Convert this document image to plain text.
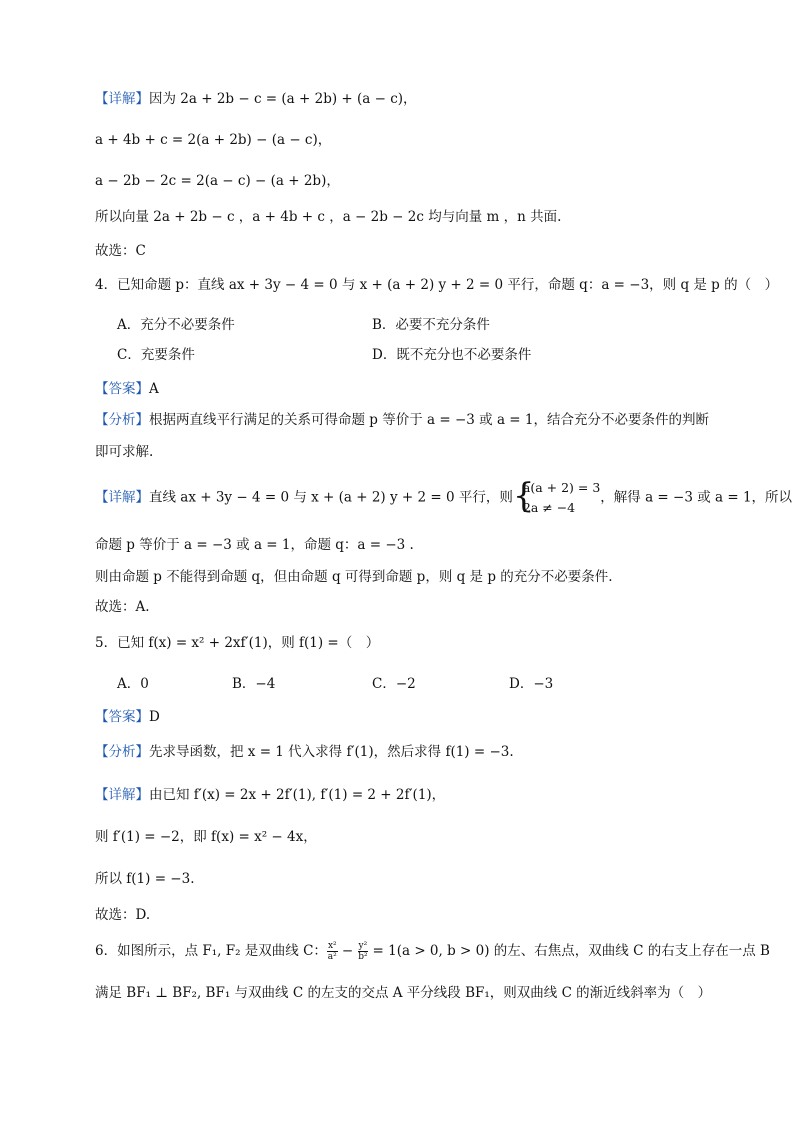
【详解】因为 2a + 2b − c = (a + 2b) + (a − c)，
a + 4b + c = 2(a + 2b) − (a − c)，
a − 2b − 2c = 2(a − c) − (a + 2b)，
所以向量 2a + 2b − c ，a + 4b + c ，a − 2b − 2c 均与向量 m ，n 共面.
故选：C
4．已知命题 p：直线 ax + 3y − 4 = 0 与 x + (a + 2) y + 2 = 0 平行，命题 q：a = −3，则 q 是 p 的（　）
A．充分不必要条件	B．必要不充分条件
C．充要条件	D．既不充分也不必要条件
【答案】A
【分析】根据两直线平行满足的关系可得命题 p 等价于 a = −3 或 a = 1，结合充分不必要条件的判断
即可求解.
【详解】直线 ax + 3y − 4 = 0 与 x + (a + 2) y + 2 = 0 平行，则 {
a(a + 2) = 3
2a ≠ −4
，解得 a = −3 或 a = 1，所以
命题 p 等价于 a = −3 或 a = 1，命题 q：a = −3 .
则由命题 p 不能得到命题 q，但由命题 q 可得到命题 p，则 q 是 p 的充分不必要条件.
故选：A.
5．已知 f(x) = x² + 2xf′(1)，则 f(1) =（　）
A．0	B．−4	C．−2	D．−3
【答案】D
【分析】先求导函数，把 x = 1 代入求得 f′(1)，然后求得 f(1) = −3.
【详解】由已知 f′(x) = 2x + 2f′(1), f′(1) = 2 + 2f′(1)，
则 f′(1) = −2，即 f(x) = x² − 4x，
所以 f(1) = −3.
故选：D.
6．如图所示，点 F₁, F₂ 是双曲线 C： $\frac{\text{x²}}{\text{a²}} - \frac{\text{y²}}{\text{b²}} = 1(a > 0$, b > 0) 的左、右焦点，双曲线 C 的右支上存在一点 B
满足 BF₁ ⊥ BF₂, BF₁ 与双曲线 C 的左支的交点 A 平分线段 BF₁，则双曲线 C 的渐近线斜率为（　）
